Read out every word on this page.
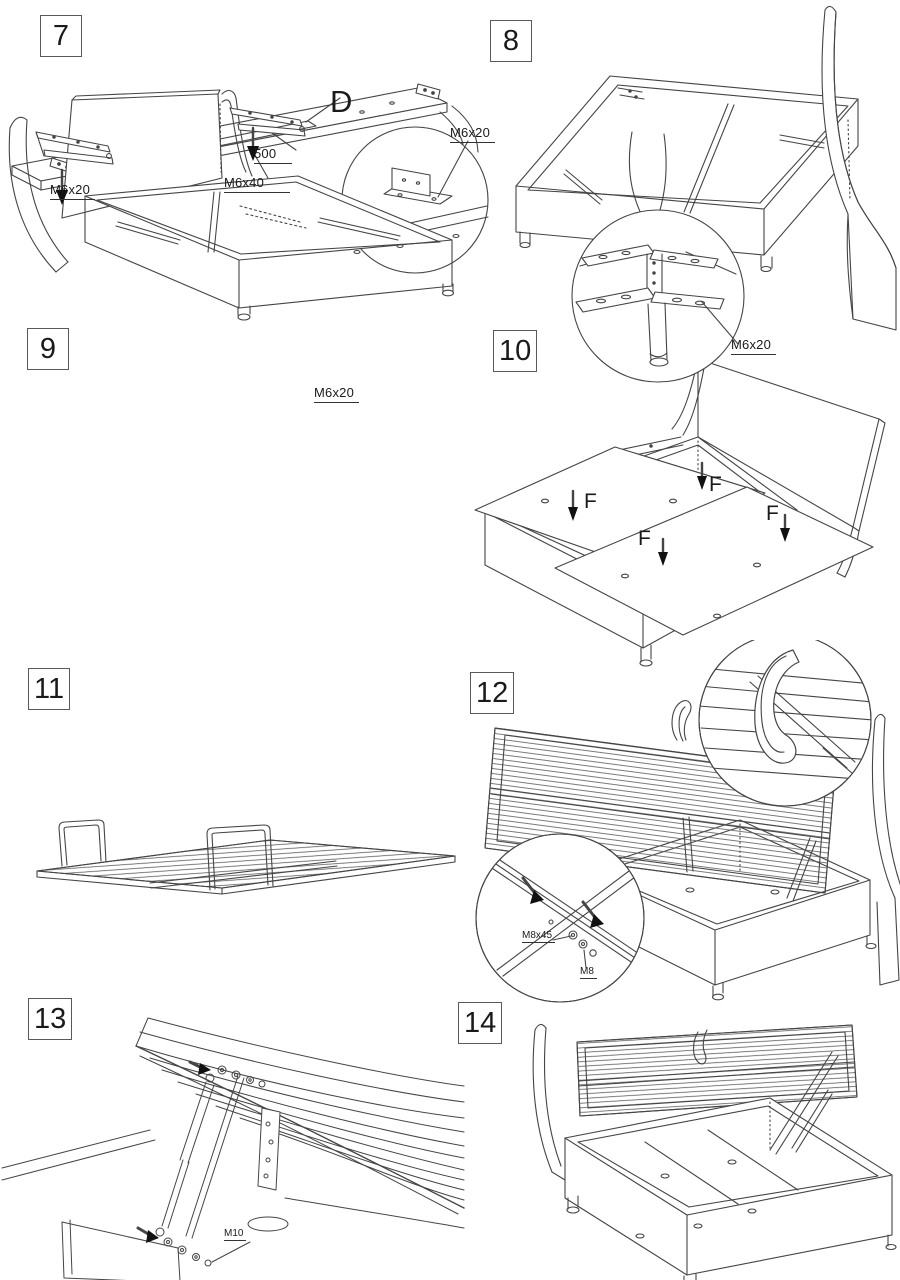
7	8
9	10
11	12
13	14
D
500
M6x20	M6x40
M6x20
M6x20
M6x20
F
F
F
F
M8x45
M8
M10
